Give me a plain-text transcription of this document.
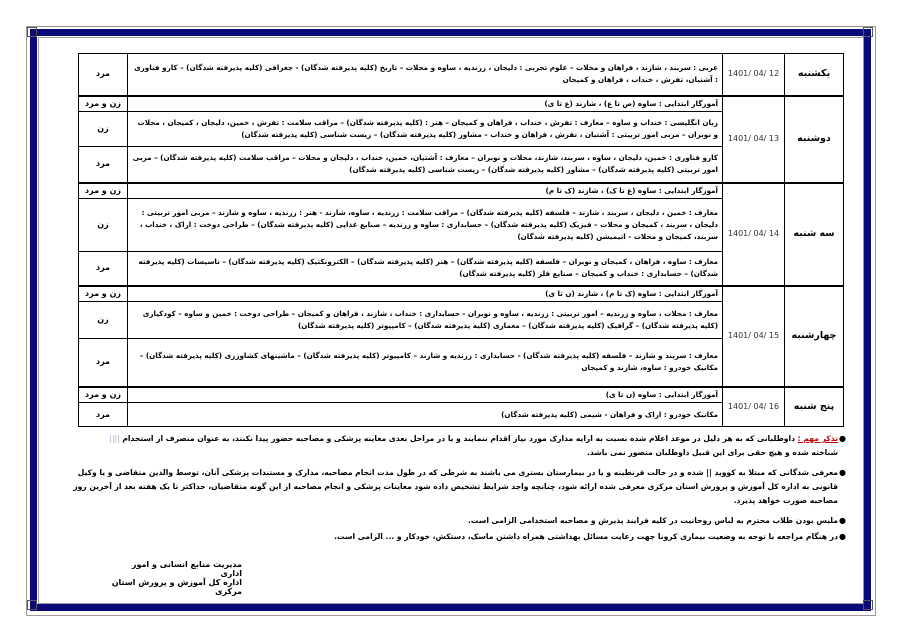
یکشنبه	1401/ 04/ 12	عربی : سربند ، شازند ، فراهان و محلات – علوم تجربی : دلیجان ، زرندیه ، ساوه و محلات – تاریخ (کلیه پذیرفته شدگان) - جغرافی (کلیه پذیرفته شدگان) – کارو فناوری : آشتیان، تفرش ، خنداب ، فراهان و کمیجان	مرد
دوشنبه	1401/ 04/ 13	آموزگار ابتدایی : ساوه (ص تا ع) ، شازند (ع تا ی)	زن و مرد
		زبان انگلیسی : خنداب و ساوه – معارف : تفرش ، خنداب ، فراهان و کمیجان – هنر : (کلیه پذیرفته شدگان) – مراقب سلامت : تفرش ، خمین، دلیجان ، کمیجان ، محلات و نوبران – مربی امور تربیتی : آشتیان ، تفرش ، فراهان و خنداب – مشاور (کلیه پذیرفته شدگان) – زیست شناسی (کلیه پذیرفته شدگان)	زن
		کارو فناوری : خمین، دلیجان ، ساوه ، سربند، شازند، محلات و نوبران – معارف : آشتیان، خمین، خنداب ، دلیجان و محلات – مراقب سلامت (کلیه پذیرفته شدگان) – مربی امور تربیتی (کلیه پذیرفته شدگان) – مشاور (کلیه پذیرفته شدگان) – زیست شناسی (کلیه پذیرفته شدگان)	مرد
سه شنبه	1401/ 04/ 14	آموزگار ابتدایی : ساوه (غ تا ک) ، شازند (ک تا م)	زن و مرد
		معارف : خمین ، دلیجان ، سربند ، شازند – فلسفه (کلیه پذیرفته شدگان) – مراقب سلامت : زرندیه ، ساوه، شازند - هنر : زرندیه ، ساوه و شازند – مربی امور تربیتی : دلیجان ، سربند ، کمیجان و محلات – فیزیک (کلیه پذیرفته شدگان) – حسابداری : ساوه و زرندیه – صنایع غذایی (کلیه پذیرفته شدگان) – طراحی دوخت : اراک ، خنداب ، سربند، کمیجان و محلات - اتیمیشن (کلیه پذیرفته شدگان)	زن
		معارف : ساوه ، فراهان ، کمیجان و نوبران – فلسفه (کلیه پذیرفته شدگان) – هنر (کلیه پذیرفته شدگان) – الکترونکتیک (کلیه پذیرفته شدگان) – تاسیسات (کلیه پذیرفته شدگان) – حسابداری : خنداب و کمیجان – صنایع فلز (کلیه پذیرفته شدگان)	مرد
چهارشنبه	1401/ 04/ 15	آموزگار ابتدایی : ساوه (ک تا م) ، شازند (ن تا ی)	زن و مرد
		معارف : محلات ، ساوه و زرندیه – امور تربیتی : زرندیه ، ساوه و نوبران - حسابداری : خنداب ، شازند ، فراهان و کمیجان – طراحی دوخت : خمین و ساوه – کودکیاری (کلیه پذیرفته شدگان) – گرافیک (کلیه پذیرفته شدگان) – معماری (کلیه پذیرفته شدگان) – کامپیوتر (کلیه پذیرفته شدگان)	زن
		معارف : سربند و شازند – فلسفه (کلیه پذیرفته شدگان) - حسابداری : زرندیه و شازند – کامپیوتر (کلیه پذیرفته شدگان) – ماشینهای کشاورزی (کلیه پذیرفته شدگان) – مکانیک خودرو : ساوه، شازند و کمیجان	مرد
پنج شنبه	1401/ 04/ 16	آموزگار ابتدایی : ساوه (ن تا ی)	زن و مرد
		مکانیک خودرو : اراک و فراهان - شیمی (کلیه پذیرفته شدگان)	مرد
●
تذکر مهم : داوطلبانی که به هر دلیل در موعد اعلام شده نسبت به ارایه مدارک مورد نیاز اقدام ننمایند و یا در مراحل بعدی معاینه پزشکی و مصاحبه حضور پیدا نکنند، به عنوان منصرف از استخدام ||||
شناخته شده و هیچ حقی برای این قبیل داوطلبان متصور نمی باشد.
●
معرفی شدگانی که مبتلا به کووید || شده و در حالت قرنطینه و یا در بیمارستان بستری می باشند به شرطی که در طول مدت انجام مصاحبه، مدارک و مستندات پزشکی آنان، توسط والدین متقاضی و یا وکیل قانونی به اداره کل آموزش و پرورش استان مرکزی معرفی شده ارائه شود، چنانچه واجد شرایط تشخیص داده شود معاینات پزشکی و انجام مصاحبه از این گونه متقاضیان، حداکثر تا یک هفته بعد از آخرین روز مصاحبه صورت خواهد پذیرد.
●
ملبس بودن طلاب محترم به لباس روحانیت در کلیه فرایند پذیرش و مصاحبه استخدامی الزامی است.
●
در هنگام مراجعه با توجه به وضعیت بیماری کرونا جهت رعایت مسائل بهداشتی همراه داشتن ماسک، دستکش، خودکار و ... الزامی است.
مدیریت منابع انسانی و امور اداری
اداره کل آموزش و پرورش استان مرکزی
